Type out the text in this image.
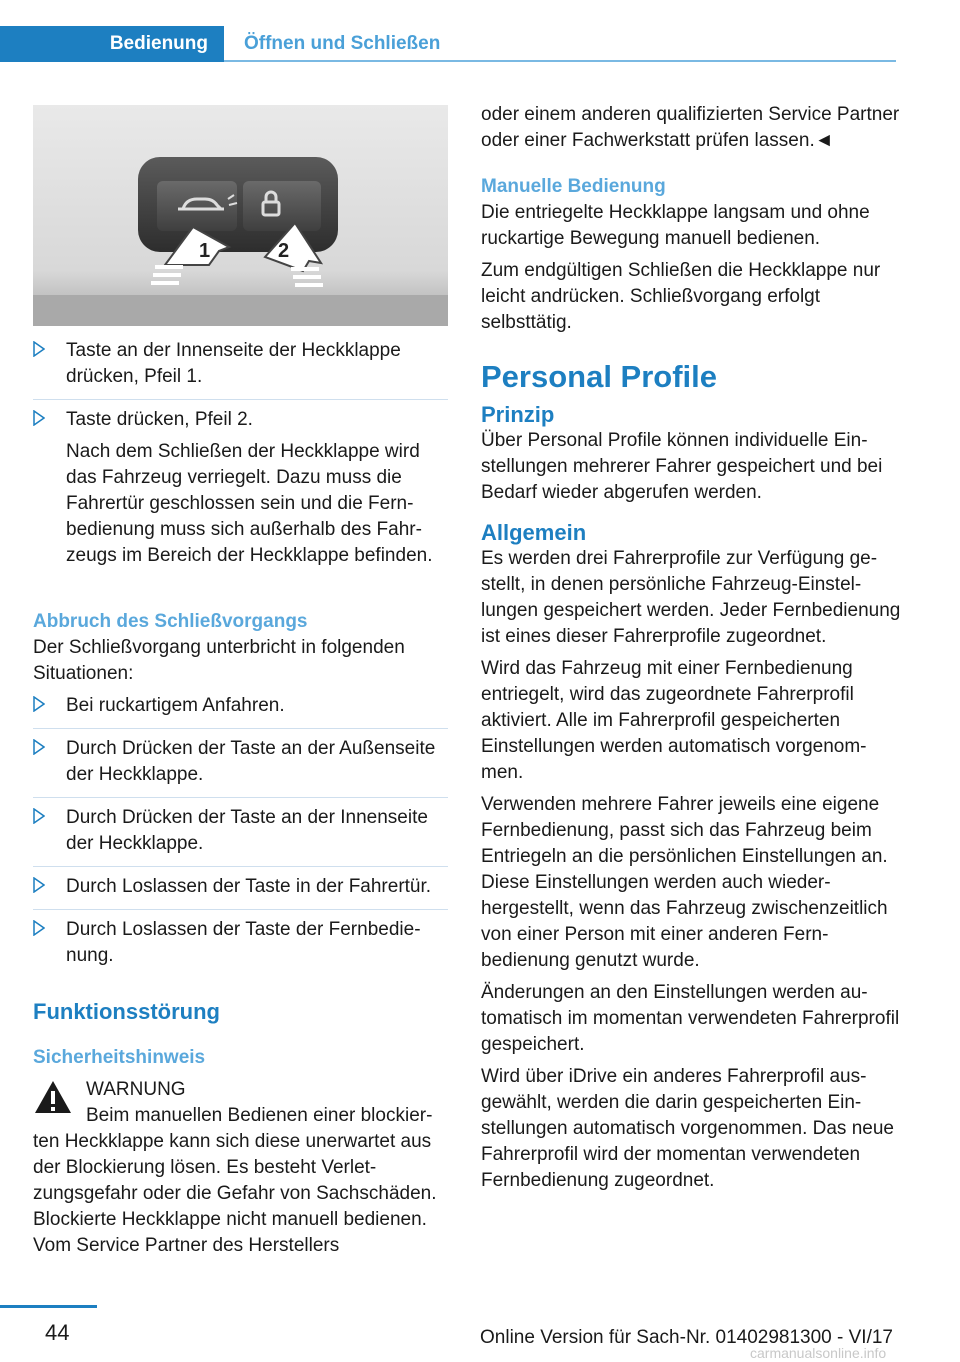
Bedienung	Öffnen und Schließen
1	2
Taste an der Innenseite der Heckklappe drücken, Pfeil 1.
Taste drücken, Pfeil 2.

Nach dem Schließen der Heckklappe wird das Fahrzeug verriegelt. Dazu muss die Fahrertür geschlossen sein und die Fernbedienung muss sich außerhalb des Fahrzeugs im Bereich der Heckklappe befinden.

Abbruch des Schließvorgangs

Der Schließvorgang unterbricht in folgenden Situationen:

Bei ruckartigem Anfahren.
Durch Drücken der Taste an der Außenseite der Heckklappe.
Durch Drücken der Taste an der Innenseite der Heckklappe.
Durch Loslassen der Taste in der Fahrertür.
Durch Loslassen der Taste der Fernbedienung.
Funktionsstörung
Sicherheitshinweis
WARNUNG
Beim manuellen Bedienen einer blockierten Heckklappe kann sich diese unerwartet aus der Blockierung lösen. Es besteht Verletzungsgefahr oder die Gefahr von Sachschäden. Blockierte Heckklappe nicht manuell bedienen. Vom Service Partner des Herstellers

oder einem anderen qualifizierten Service Partner oder einer Fachwerkstatt prüfen lassen.◄

Manuelle Bedienung

Die entriegelte Heckklappe langsam und ohne ruckartige Bewegung manuell bedienen.

Zum endgültigen Schließen die Heckklappe nur leicht andrücken. Schließvorgang erfolgt selbsttätig.

Personal Profile
Prinzip

Über Personal Profile können individuelle Einstellungen mehrerer Fahrer gespeichert und bei Bedarf wieder abgerufen werden.

Allgemein

Es werden drei Fahrerprofile zur Verfügung gestellt, in denen persönliche Fahrzeug-Einstellungen gespeichert werden. Jeder Fernbedienung ist eines dieser Fahrerprofile zugeordnet.

Wird das Fahrzeug mit einer Fernbedienung entriegelt, wird das zugeordnete Fahrerprofil aktiviert. Alle im Fahrerprofil gespeicherten Einstellungen werden automatisch vorgenommen.

Verwenden mehrere Fahrer jeweils eine eigene Fernbedienung, passt sich das Fahrzeug beim Entriegeln an die persönlichen Einstellungen an. Diese Einstellungen werden auch wiederhergestellt, wenn das Fahrzeug zwischenzeitlich von einer Person mit einer anderen Fernbedienung genutzt wurde.

Änderungen an den Einstellungen werden automatisch im momentan verwendeten Fahrerprofil gespeichert.

Wird über iDrive ein anderes Fahrerprofil ausgewählt, werden die darin gespeicherten Einstellungen automatisch vorgenommen. Das neue Fahrerprofil wird der momentan verwendeten Fernbedienung zugeordnet.

44	Online Version für Sach-Nr. 01402981300 - VI/17
carmanualsonline.info
